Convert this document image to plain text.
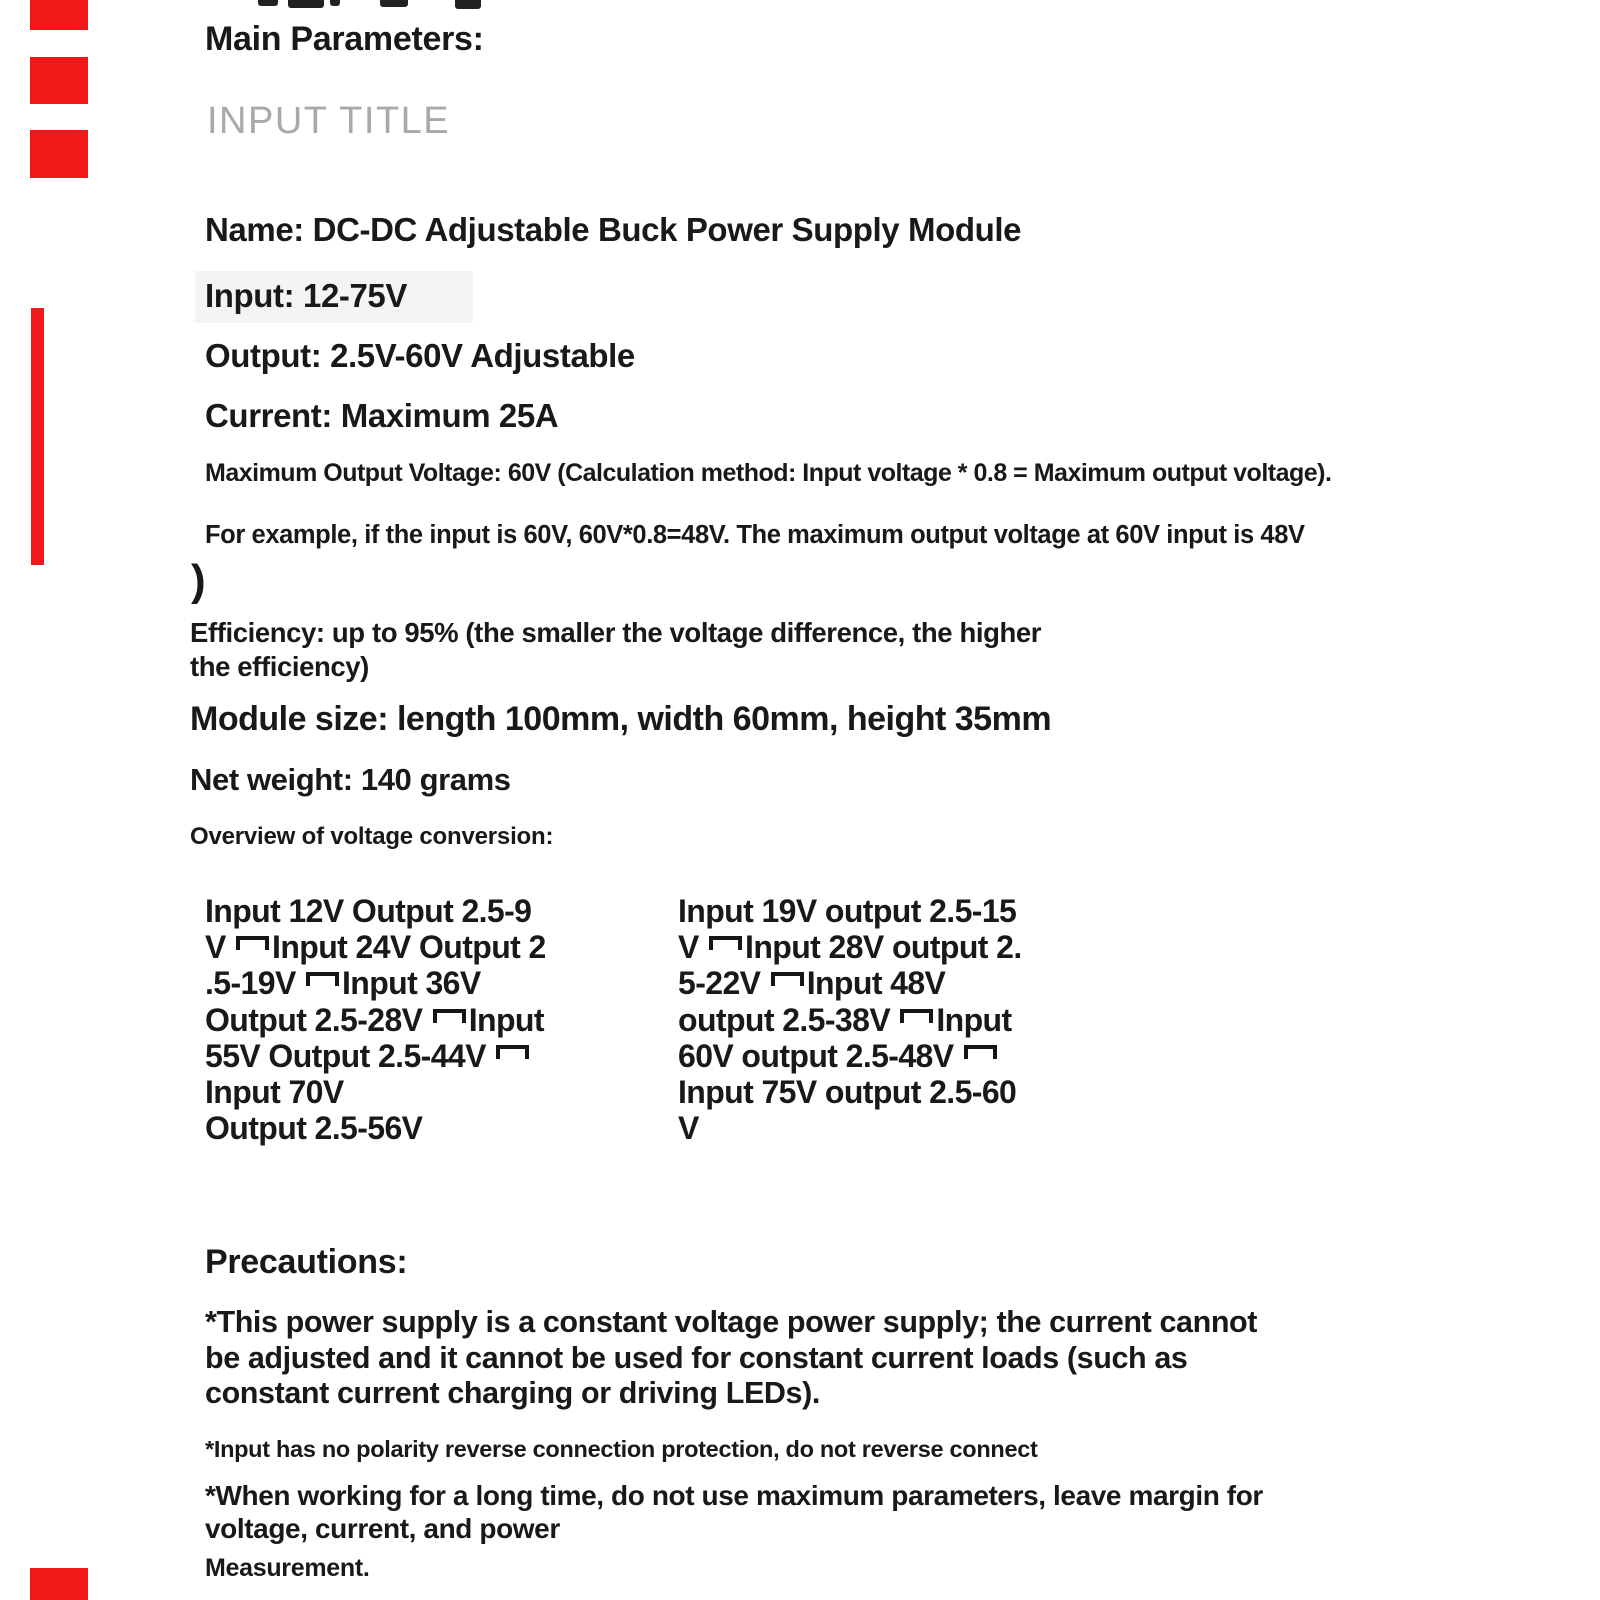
Main Parameters:
INPUT TITLE
Name: DC-DC Adjustable Buck Power Supply Module
Input: 12-75V
Output: 2.5V-60V Adjustable
Current: Maximum 25A
Maximum Output Voltage: 60V (Calculation method: Input voltage * 0.8 = Maximum output voltage).
For example, if the input is 60V, 60V*0.8=48V. The maximum output voltage at 60V input is 48V
)
Efficiency: up to 95% (the smaller the voltage difference, the higher
the efficiency)
Module size: length 100mm, width 60mm, height 35mm
Net weight: 140 grams
Overview of voltage conversion:
Input 12V Output 2.5-9
V Input 24V Output 2
.5-19V Input 36V
Output 2.5-28V Input
55V Output 2.5-44V
Input 70V
Output 2.5-56V
Input 19V output 2.5-15
V Input 28V output 2.
5-22V Input 48V
output 2.5-38V Input
60V output 2.5-48V
Input 75V output 2.5-60
V
Precautions:
*This power supply is a constant voltage power supply; the current cannot
be adjusted and it cannot be used for constant current loads (such as
constant current charging or driving LEDs).
*Input has no polarity reverse connection protection, do not reverse connect
*When working for a long time, do not use maximum parameters, leave margin for
voltage, current, and power
Measurement.
